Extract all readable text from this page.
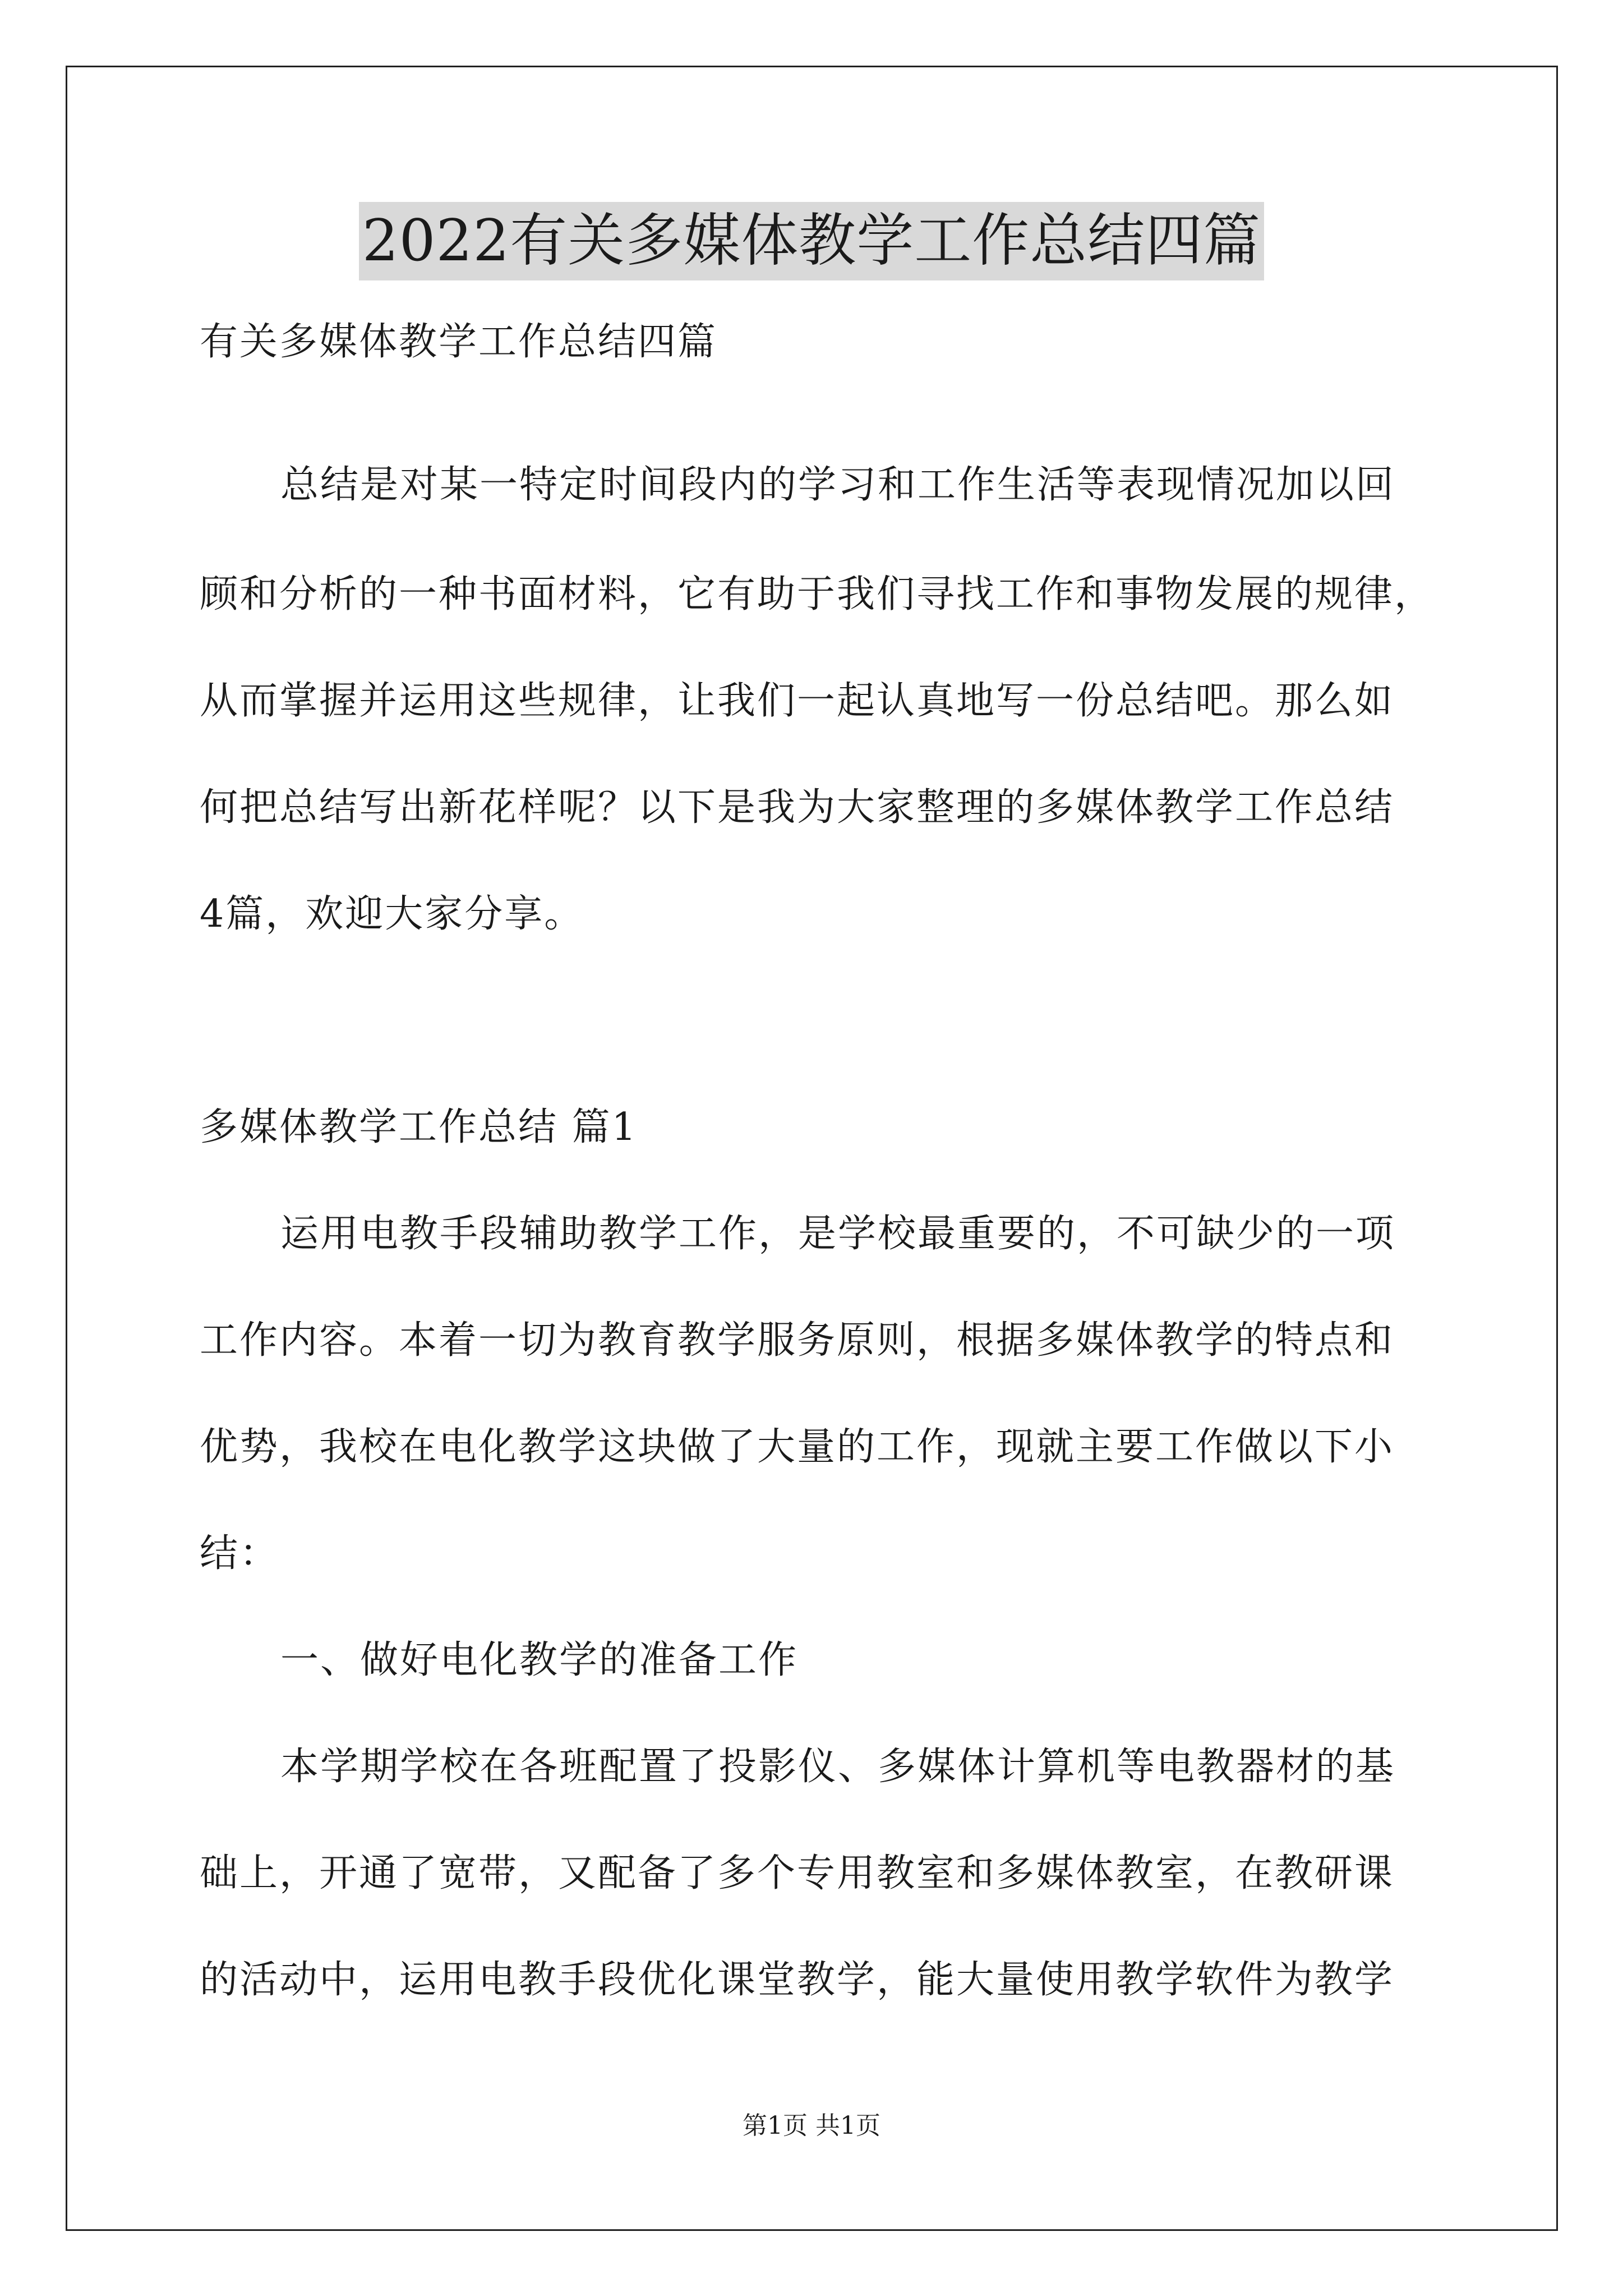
2022有关多媒体教学工作总结四篇
有关多媒体教学工作总结四篇
总结是对某一特定时间段内的学习和工作生活等表现情况加以回
顾和分析的一种书面材料，它有助于我们寻找工作和事物发展的规律，
从而掌握并运用这些规律，让我们一起认真地写一份总结吧。那么如
何把总结写出新花样呢？以下是我为大家整理的多媒体教学工作总结
4篇，欢迎大家分享。
多媒体教学工作总结 篇1
运用电教手段辅助教学工作，是学校最重要的，不可缺少的一项
工作内容。本着一切为教育教学服务原则，根据多媒体教学的特点和
优势，我校在电化教学这块做了大量的工作，现就主要工作做以下小
结：
一、做好电化教学的准备工作
本学期学校在各班配置了投影仪、多媒体计算机等电教器材的基
础上，开通了宽带，又配备了多个专用教室和多媒体教室，在教研课
的活动中，运用电教手段优化课堂教学，能大量使用教学软件为教学
第1页 共1页
